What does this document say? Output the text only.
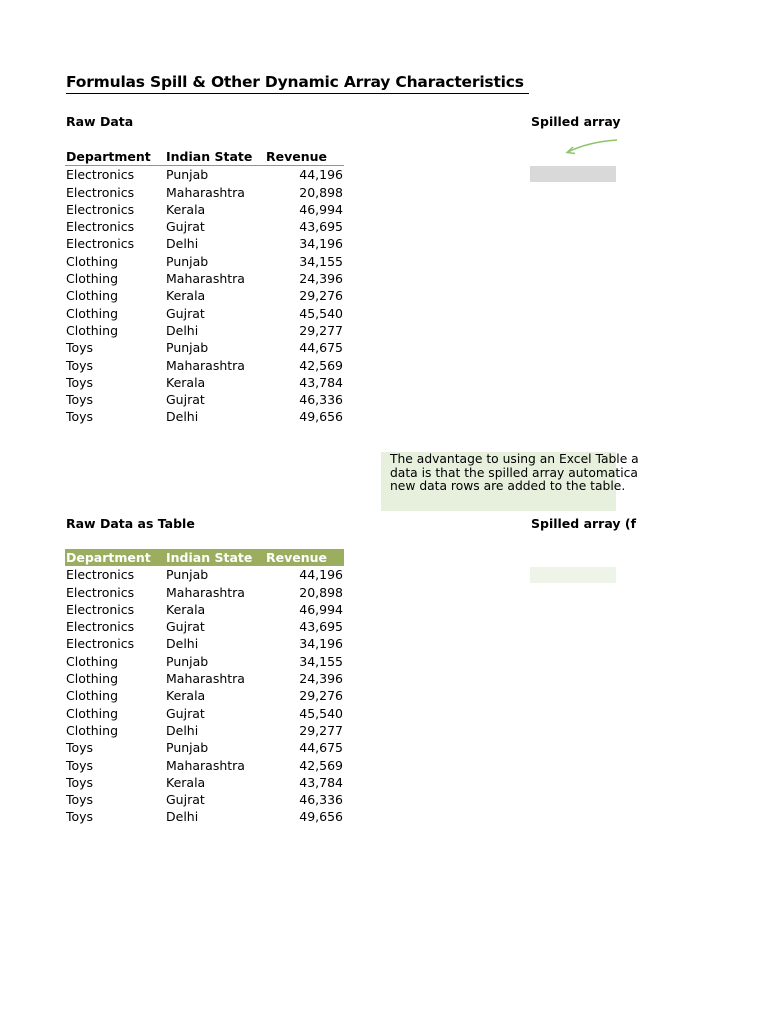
Formulas Spill & Other Dynamic Array Characteristics
Raw Data	Spilled array
Department	Indian State	Revenue
Electronics	Punjab	44,196
Electronics	Maharashtra	20,898
Electronics	Kerala	46,994
Electronics	Gujrat	43,695
Electronics	Delhi	34,196
Clothing	Punjab	34,155
Clothing	Maharashtra	24,396
Clothing	Kerala	29,276
Clothing	Gujrat	45,540
Clothing	Delhi	29,277
Toys	Punjab	44,675
Toys	Maharashtra	42,569
Toys	Kerala	43,784
Toys	Gujrat	46,336
Toys	Delhi	49,656

The advantage to using an Excel Table a
data is that the spilled array automatica
new data rows are added to the table.

Raw Data as Table	Spilled array (f
Department	Indian State	Revenue
Electronics	Punjab	44,196
Electronics	Maharashtra	20,898
Electronics	Kerala	46,994
Electronics	Gujrat	43,695
Electronics	Delhi	34,196
Clothing	Punjab	34,155
Clothing	Maharashtra	24,396
Clothing	Kerala	29,276
Clothing	Gujrat	45,540
Clothing	Delhi	29,277
Toys	Punjab	44,675
Toys	Maharashtra	42,569
Toys	Kerala	43,784
Toys	Gujrat	46,336
Toys	Delhi	49,656
